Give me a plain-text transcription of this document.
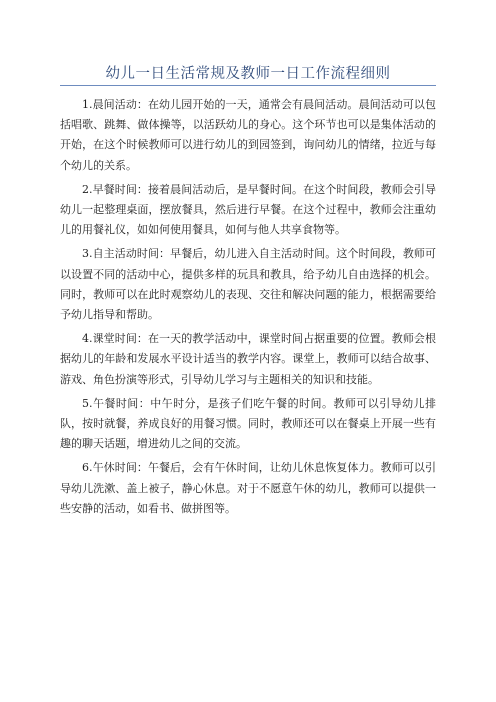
幼儿一日生活常规及教师一日工作流程细则

1.晨间活动：在幼儿园开始的一天，通常会有晨间活动。晨间活动可以包括唱歌、跳舞、做体操等，以活跃幼儿的身心。这个环节也可以是集体活动的开始，在这个时候教师可以进行幼儿的到园签到，询问幼儿的情绪，拉近与每个幼儿的关系。

2.早餐时间：接着晨间活动后，是早餐时间。在这个时间段，教师会引导幼儿一起整理桌面，摆放餐具，然后进行早餐。在这个过程中，教师会注重幼儿的用餐礼仪，如如何使用餐具，如何与他人共享食物等。

3.自主活动时间：早餐后，幼儿进入自主活动时间。这个时间段，教师可以设置不同的活动中心，提供多样的玩具和教具，给予幼儿自由选择的机会。同时，教师可以在此时观察幼儿的表现、交往和解决问题的能力，根据需要给予幼儿指导和帮助。

4.课堂时间：在一天的教学活动中，课堂时间占据重要的位置。教师会根据幼儿的年龄和发展水平设计适当的教学内容。课堂上，教师可以结合故事、游戏、角色扮演等形式，引导幼儿学习与主题相关的知识和技能。

5.午餐时间：中午时分，是孩子们吃午餐的时间。教师可以引导幼儿排队，按时就餐，养成良好的用餐习惯。同时，教师还可以在餐桌上开展一些有趣的聊天话题，增进幼儿之间的交流。

6.午休时间：午餐后，会有午休时间，让幼儿休息恢复体力。教师可以引导幼儿洗漱、盖上被子，静心休息。对于不愿意午休的幼儿，教师可以提供一些安静的活动，如看书、做拼图等。
